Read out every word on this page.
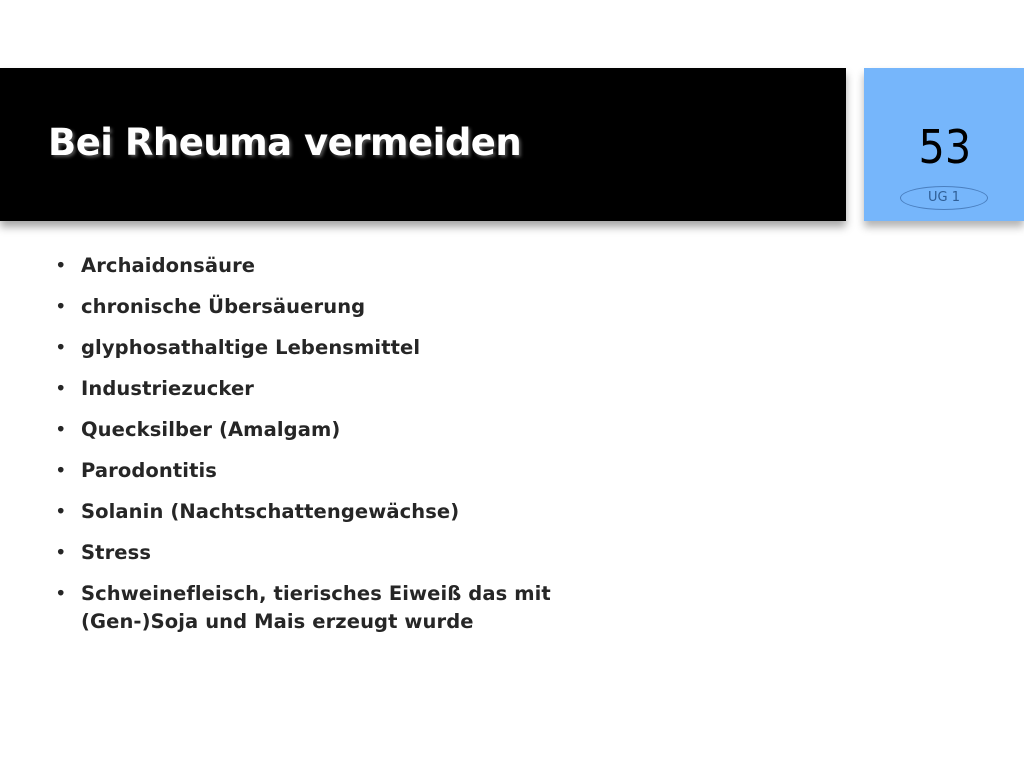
Bei Rheuma vermeiden	53
UG 1
• Archaidonsäure
• chronische Übersäuerung
• glyphosathaltige Lebensmittel
• Industriezucker
• Quecksilber (Amalgam)
• Parodontitis
• Solanin (Nachtschattengewächse)
• Stress
• Schweinefleisch, tierisches Eiweiß das mit (Gen-)Soja und Mais erzeugt wurde
